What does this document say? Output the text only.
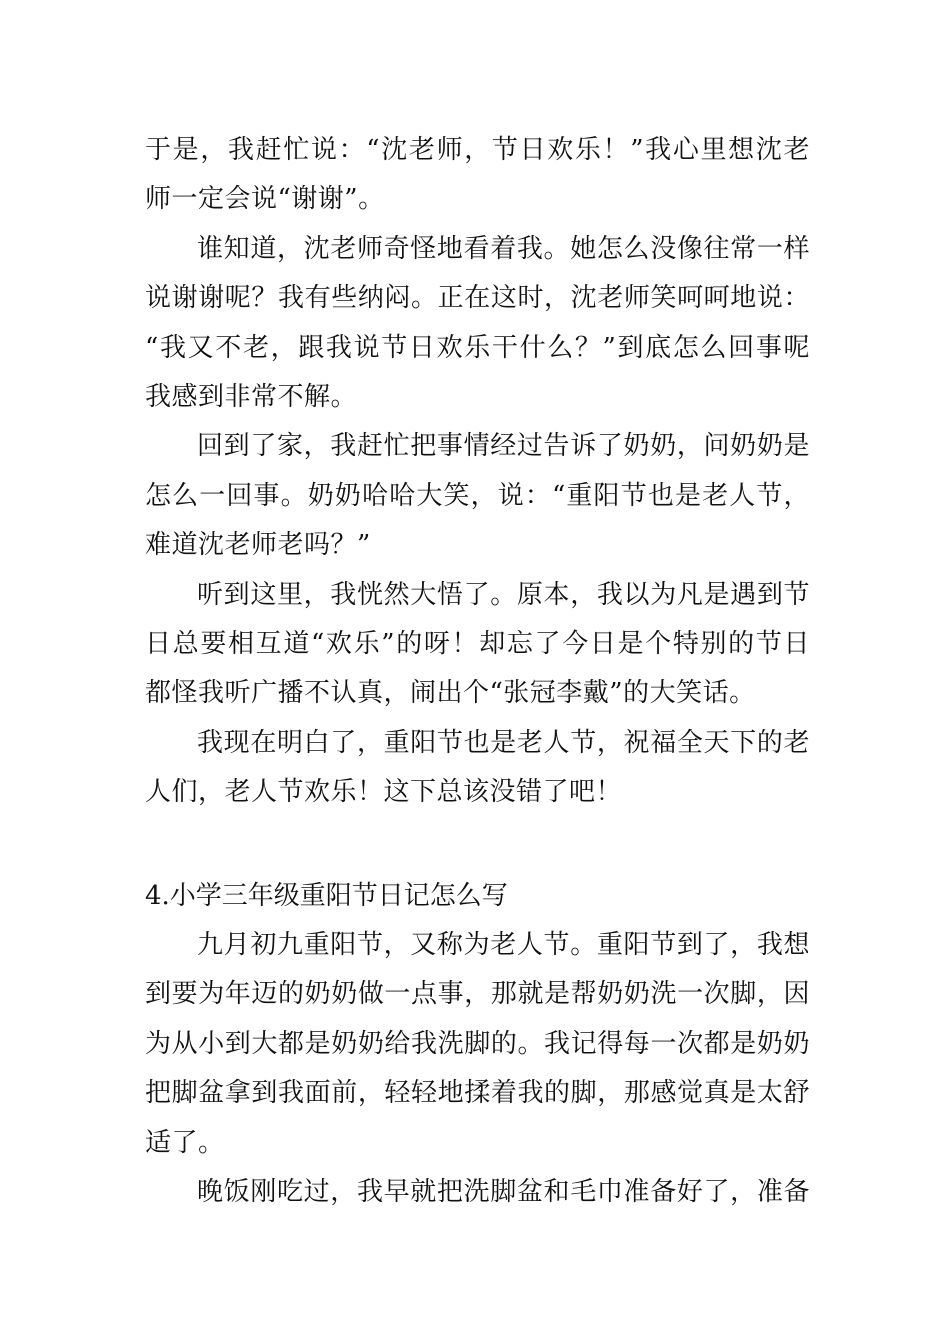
于是，我赶忙说：“沈老师，节日欢乐！”我心里想沈老
师一定会说“谢谢”。
谁知道，沈老师奇怪地看着我。她怎么没像往常一样
说谢谢呢？我有些纳闷。正在这时，沈老师笑呵呵地说：
“我又不老，跟我说节日欢乐干什么？”到底怎么回事呢
我感到非常不解。
回到了家，我赶忙把事情经过告诉了奶奶，问奶奶是
怎么一回事。奶奶哈哈大笑，说：“重阳节也是老人节，
难道沈老师老吗？”
听到这里，我恍然大悟了。原本，我以为凡是遇到节
日总要相互道“欢乐”的呀！却忘了今日是个特别的节日
都怪我听广播不认真，闹出个“张冠李戴”的大笑话。
我现在明白了，重阳节也是老人节，祝福全天下的老
人们，老人节欢乐！这下总该没错了吧！
4.小学三年级重阳节日记怎么写
九月初九重阳节，又称为老人节。重阳节到了，我想
到要为年迈的奶奶做一点事，那就是帮奶奶洗一次脚，因
为从小到大都是奶奶给我洗脚的。我记得每一次都是奶奶
把脚盆拿到我面前，轻轻地揉着我的脚，那感觉真是太舒
适了。
晚饭刚吃过，我早就把洗脚盆和毛巾准备好了，准备
